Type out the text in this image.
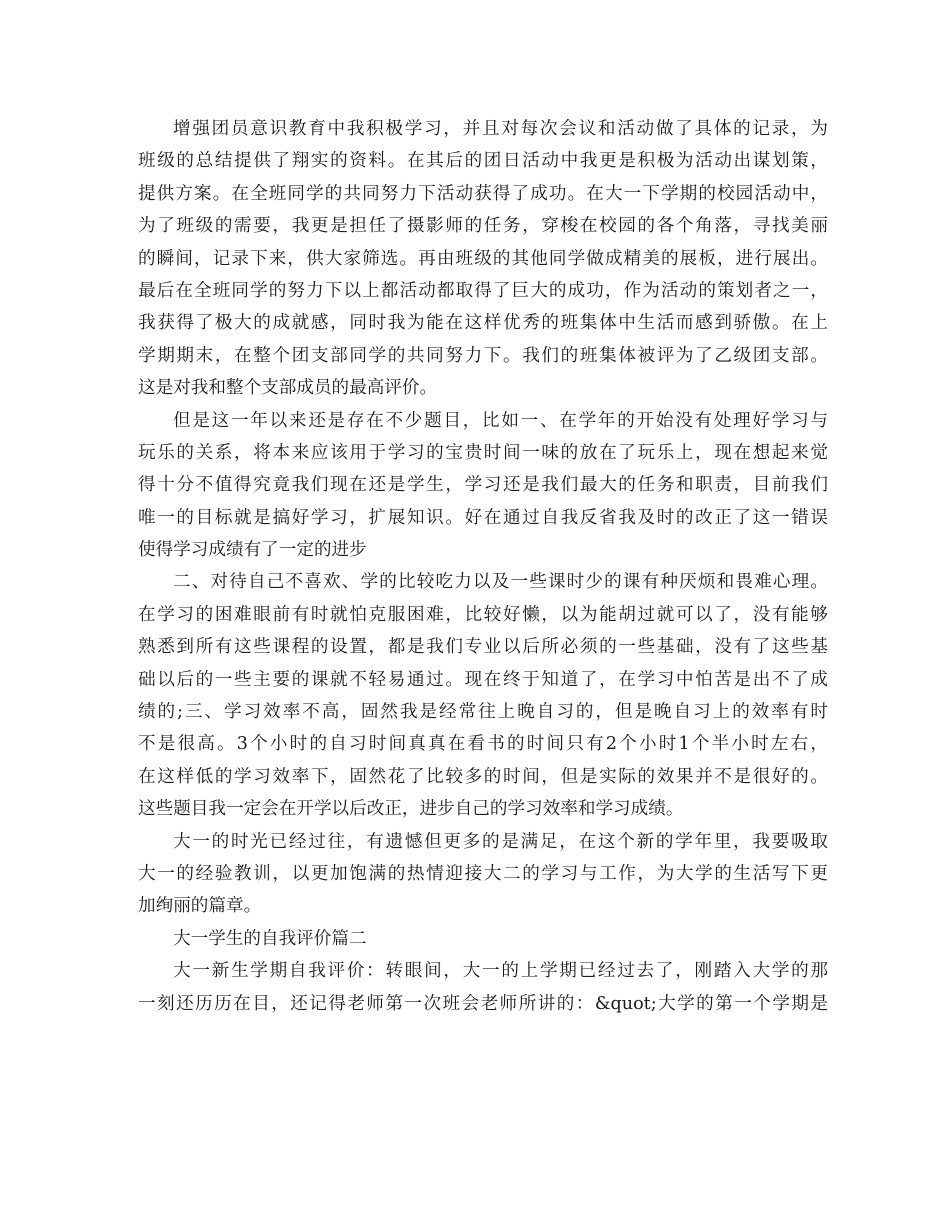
增强团员意识教育中我积极学习，并且对每次会议和活动做了具体的记录，为
班级的总结提供了翔实的资料。在其后的团日活动中我更是积极为活动出谋划策，
提供方案。在全班同学的共同努力下活动获得了成功。在大一下学期的校园活动中，
为了班级的需要，我更是担任了摄影师的任务，穿梭在校园的各个角落，寻找美丽
的瞬间，记录下来，供大家筛选。再由班级的其他同学做成精美的展板，进行展出。
最后在全班同学的努力下以上都活动都取得了巨大的成功，作为活动的策划者之一，
我获得了极大的成就感，同时我为能在这样优秀的班集体中生活而感到骄傲。在上
学期期末，在整个团支部同学的共同努力下。我们的班集体被评为了乙级团支部。
这是对我和整个支部成员的最高评价。
但是这一年以来还是存在不少题目，比如一、在学年的开始没有处理好学习与
玩乐的关系，将本来应该用于学习的宝贵时间一味的放在了玩乐上，现在想起来觉
得十分不值得究竟我们现在还是学生，学习还是我们最大的任务和职责，目前我们
唯一的目标就是搞好学习，扩展知识。好在通过自我反省我及时的改正了这一错误
使得学习成绩有了一定的进步
二、对待自己不喜欢、学的比较吃力以及一些课时少的课有种厌烦和畏难心理。
在学习的困难眼前有时就怕克服困难，比较好懒，以为能胡过就可以了，没有能够
熟悉到所有这些课程的设置，都是我们专业以后所必须的一些基础，没有了这些基
础以后的一些主要的课就不轻易通过。现在终于知道了，在学习中怕苦是出不了成
绩的;三、学习效率不高，固然我是经常往上晚自习的，但是晚自习上的效率有时
不是很高。3个小时的自习时间真真在看书的时间只有2个小时1个半小时左右，
在这样低的学习效率下，固然花了比较多的时间，但是实际的效果并不是很好的。
这些题目我一定会在开学以后改正，进步自己的学习效率和学习成绩。
大一的时光已经过往，有遗憾但更多的是满足，在这个新的学年里，我要吸取
大一的经验教训，以更加饱满的热情迎接大二的学习与工作，为大学的生活写下更
加绚丽的篇章。
大一学生的自我评价篇二
大一新生学期自我评价：转眼间，大一的上学期已经过去了，刚踏入大学的那
一刻还历历在目，还记得老师第一次班会老师所讲的：&quot;大学的第一个学期是
